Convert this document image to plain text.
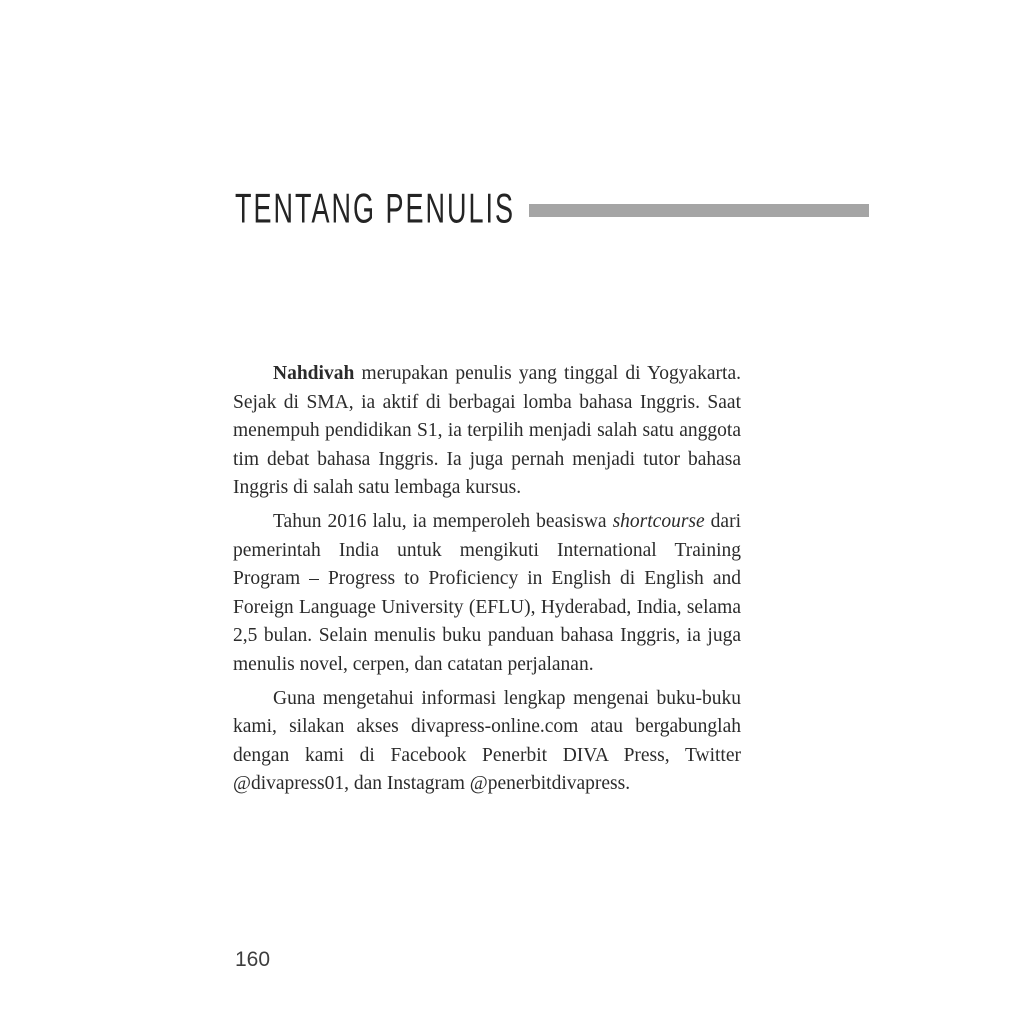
TENTANG PENULIS

Nahdivah merupakan penulis yang tinggal di Yogyakarta. Sejak di SMA, ia aktif di berbagai lomba bahasa Inggris. Saat menempuh pendidikan S1, ia terpilih menjadi salah satu anggota tim debat bahasa Inggris. Ia juga pernah menjadi tutor bahasa Inggris di salah satu lembaga kursus.

Tahun 2016 lalu, ia memperoleh beasiswa shortcourse dari pemerintah India untuk mengikuti International Training Program – Progress to Proficiency in English di English and Foreign Language University (EFLU), Hyderabad, India, selama 2,5 bulan. Selain menulis buku panduan bahasa Inggris, ia juga menulis novel, cerpen, dan catatan perjalanan.

Guna mengetahui informasi lengkap mengenai buku-buku kami, silakan akses divapress-online.com atau bergabunglah dengan kami di Facebook Penerbit DIVA Press, Twitter @divapress01, dan Instagram @penerbitdivapress.

160
